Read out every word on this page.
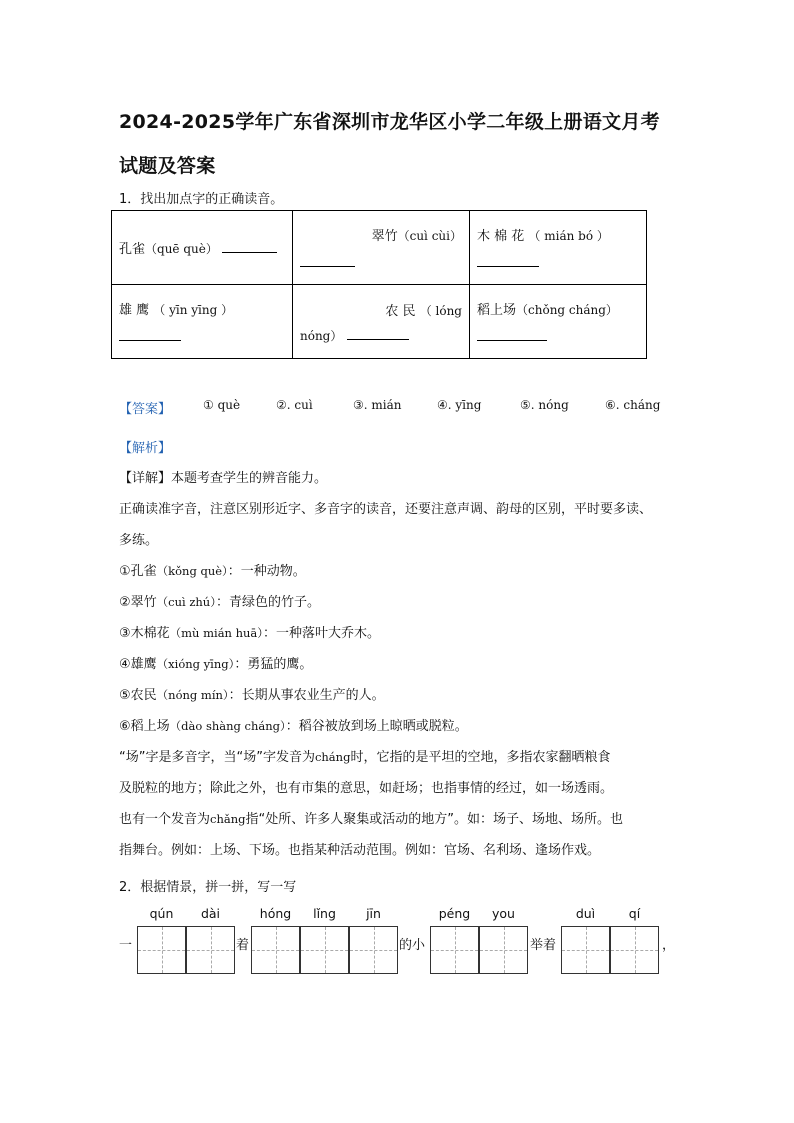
2024-2025学年广东省深圳市龙华区小学二年级上册语文月考试题及答案
1．找出加点字的正确读音。
孔雀（quē què）	翠竹（cuì cùi）	木 棉 花 （ mián bó ）

雄 鹰 （ yīn yīng ）	农 民 （ lóng
nóng）	稻上场（chǒng cháng）
【答案】	① què	②. cuì	③. mián	④. yīng	⑤. nóng	⑥. cháng
【解析】
【详解】本题考查学生的辨音能力。
正确读准字音，注意区别形近字、多音字的读音，还要注意声调、韵母的区别，平时要多读、
多练。
①孔雀（kǒng què）：一种动物。
②翠竹（cuì zhú）：青绿色的竹子。
③木棉花（mù mián huā）：一种落叶大乔木。
④雄鹰（xióng yīng）：勇猛的鹰。
⑤农民（nóng mín）：长期从事农业生产的人。
⑥稻上场（dào shàng cháng）：稻谷被放到场上晾晒或脱粒。
“场”字是多音字，当“场”字发音为cháng时，它指的是平坦的空地，多指农家翻晒粮食
及脱粒的地方；除此之外，也有市集的意思，如赶场；也指事情的经过，如一场透雨。
也有一个发音为chǎng指“处所、许多人聚集或活动的地方”。如：场子、场地、场所。也
指舞台。例如：上场、下场。也指某种活动范围。例如：官场、名利场、逢场作戏。
2．根据情景，拼一拼，写一写
qún	dài	hóng	lǐng	jīn	péng	you	duì	qí
一	着	的小	举着	，
